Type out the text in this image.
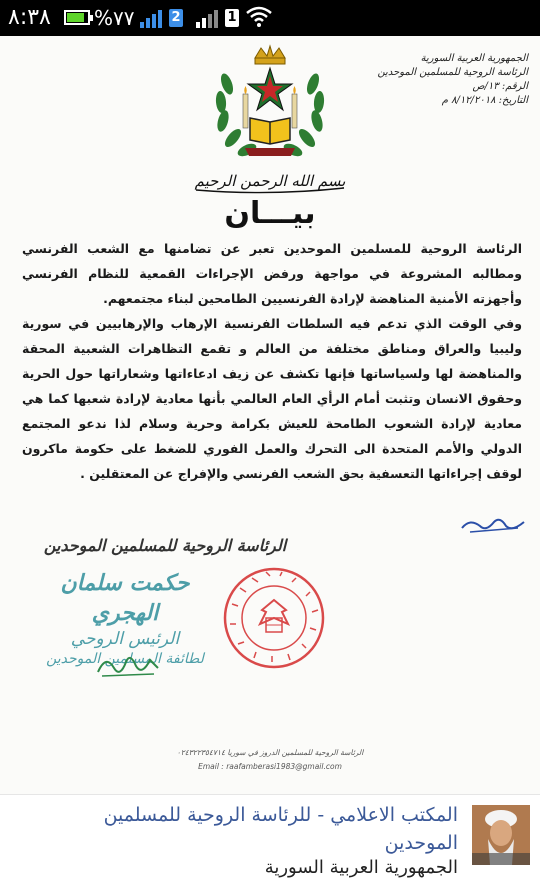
٨:٣٨ %٧٧	2	1
الجمهورية العربية السورية
الرئاسة الروحية للمسلمين الموحدين
الرقم: ١٣/ص
التاريخ: ٨/١٢/٢٠١٨ م
بسم الله الرحمن الرحيم
بيـــان

الرئاسة الروحية للمسلمين الموحدين تعبر عن تضامنها مع الشعب الفرنسي ومطالبه المشروعة في مواجهة ورفض الإجراءات القمعية للنظام الفرنسي وأجهزته الأمنية المناهضة لإرادة الفرنسيين الطامحين لبناء مجتمعهم.

وفي الوقت الذي تدعم فيه السلطات الفرنسية الإرهاب والإرهابيين في سورية وليبيا والعراق ومناطق مختلفة من العالم و تقمع التظاهرات الشعبية المحقة والمناهضة لها ولسياساتها فإنها تكشف عن زيف ادعاءاتها وشعاراتها حول الحرية وحقوق الانسان وتثبت أمام الرأي العام العالمي بأنها معادية لإرادة شعبها كما هي معادية لإرادة الشعوب الطامحة للعيش بكرامة وحرية وسلام لذا ندعو المجتمع الدولي والأمم المتحدة الى التحرك والعمل الفوري للضغط على حكومة ماكرون لوقف إجراءاتها التعسفية بحق الشعب الفرنسي والإفراج عن المعتقلين .

الرئاسة الروحية للمسلمين الموحدين
حكمت سلمان الهجري
الرئيس الروحي
لطائفة المسلمين الموحدين
الرئاسة الروحية للمسلمين الدروز في سوريا ٠٢٤٣٢٢٣٥٤٧١٤
Email : raafamberasi1983@gmail.com
المكتب الاعلامي - للرئاسة الروحية للمسلمين الموحدين
الجمهورية العربية السورية
